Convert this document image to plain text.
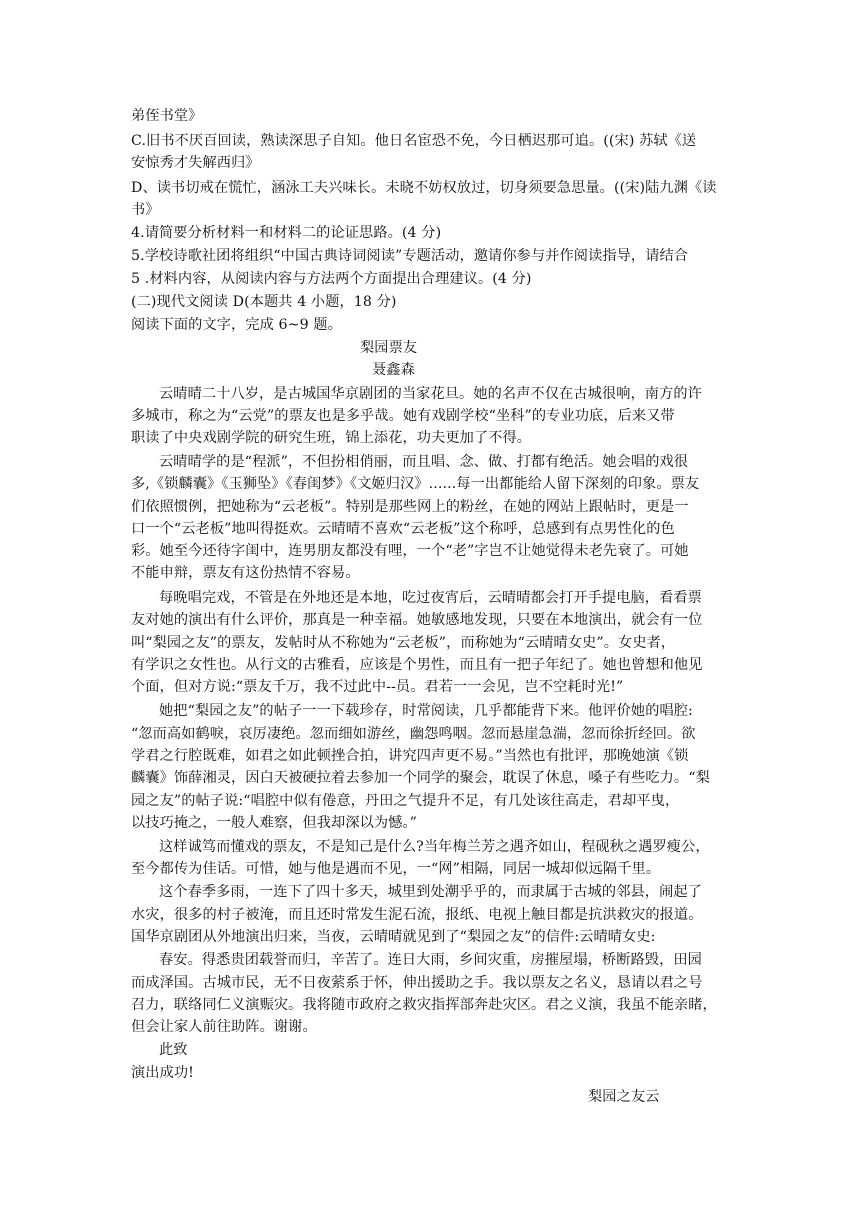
弟侄书堂》
C.旧书不厌百回读，熟读深思子自知。他日名宦恐不免，今日栖迟那可追。((宋) 苏轼《送
安惊秀才失解西归》
D、读书切戒在慌忙，涵泳工夫兴味长。未晓不妨权放过，切身须要急思量。((宋)陆九渊《读
书》
4.请简要分析材料一和材料二的论证思路。(4 分)
5.学校诗歌社团将组织“中国古典诗词阅读”专题活动，邀请你参与并作阅读指导，请结合
5 .材料内容，从阅读内容与方法两个方面提出合理建议。(4 分)
(二)现代文阅读 D(本题共 4 小题，18 分)
阅读下面的文字，完成 6~9 题。
梨园票友
聂鑫森
云晴晴二十八岁，是古城国华京剧团的当家花旦。她的名声不仅在古城很响，南方的许
多城市，称之为“云党”的票友也是多乎哉。她有戏剧学校“坐科”的专业功底，后来又带
职读了中央戏剧学院的研究生班，锦上添花，功夫更加了不得。
云晴晴学的是“程派”，不但扮相俏丽，而且唱、念、做、打都有绝活。她会唱的戏很
多,《锁麟囊》《玉狮坠》《春闺梦》《文姬归汉》......每一出都能给人留下深刻的印象。票友
们依照惯例，把她称为“云老板”。特别是那些网上的粉丝，在她的网站上跟帖时，更是一
口一个“云老板”地叫得挺欢。云晴晴不喜欢“云老板”这个称呼，总感到有点男性化的色
彩。她至今还待字闺中，连男朋友都没有哩，一个“老”字岂不让她觉得未老先衰了。可她
不能申辩，票友有这份热情不容易。
每晚唱完戏，不管是在外地还是本地，吃过夜宵后，云晴晴都会打开手提电脑，看看票
友对她的演出有什么评价，那真是一种幸福。她敏感地发现，只要在本地演出，就会有一位
叫“梨园之友”的票友，发帖时从不称她为“云老板”，而称她为“云晴晴女史”。女史者，
有学识之女性也。从行文的古雅看，应该是个男性，而且有一把子年纪了。她也曾想和他见
个面，但对方说:“票友千万，我不过此中--员。君若一一会见，岂不空耗时光!”
她把“梨园之友”的帖子一一下载珍存，时常阅读，几乎都能背下来。他评价她的唱腔:
“忽而高如鹤唳，哀厉凄绝。忽而细如游丝，幽怨鸣咽。忽而悬崖急湍，忽而徐折经回。欲
学君之行腔既难，如君之如此顿挫合拍，讲究四声更不易。”当然也有批评，那晚她演《锁
麟囊》饰薛湘灵，因白天被硬拉着去参加一个同学的聚会，耽误了休息，嗓子有些吃力。“梨
园之友”的帖子说:“唱腔中似有倦意，丹田之气提升不足，有几处该往高走，君却平曳，
以技巧掩之，一般人难察，但我却深以为憾。”
这样诚笃而懂戏的票友，不是知己是什么?当年梅兰芳之遇齐如山，程砚秋之遇罗瘦公，
至今都传为佳话。可惜，她与他是遇而不见，一“网”相隔，同居一城却似远隔千里。
这个春季多雨，一连下了四十多天，城里到处潮乎乎的，而隶属于古城的邻县，闹起了
水灾，很多的村子被淹，而且还时常发生泥石流，报纸、电视上触目都是抗洪救灾的报道。
国华京剧团从外地演出归来，当夜，云晴晴就见到了“梨园之友”的信件:云晴晴女史:
春安。得悉贵团载誉而归，辛苦了。连日大雨，乡间灾重，房摧屋塌，桥断路毁，田园
而成泽国。古城市民，无不日夜萦系于怀，伸出援助之手。我以票友之名义，恳请以君之号
召力，联络同仁义演赈灾。我将随市政府之救灾指挥部奔赴灾区。君之义演，我虽不能亲睹，
但会让家人前往助阵。谢谢。
此致
演出成功!
梨园之友云
